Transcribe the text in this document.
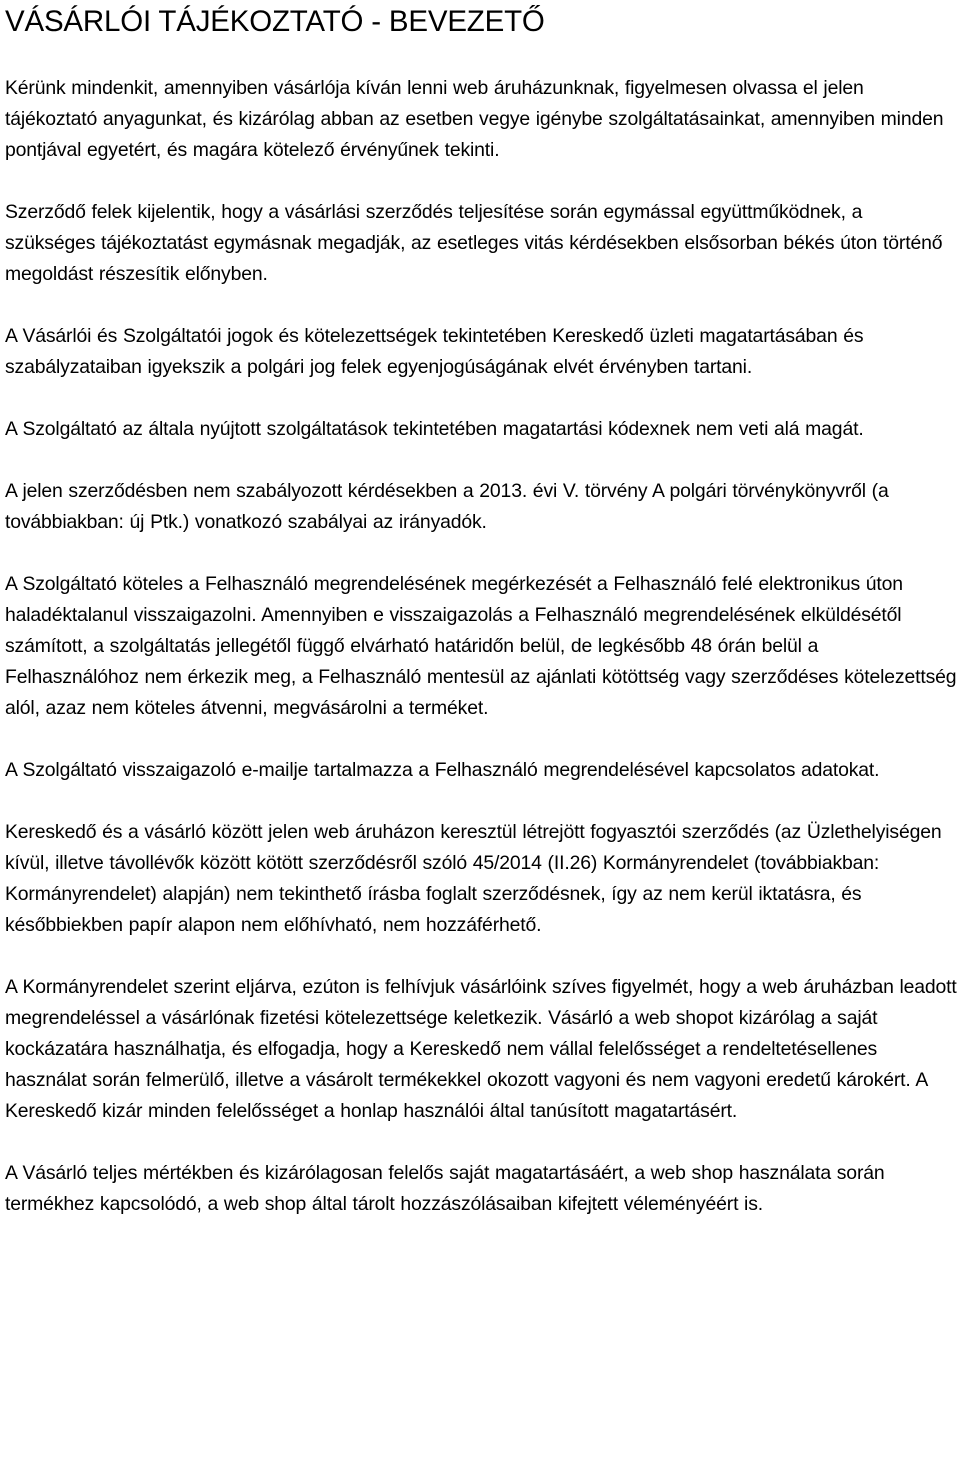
VÁSÁRLÓI TÁJÉKOZTATÓ - BEVEZETŐ

Kérünk mindenkit, amennyiben vásárlója kíván lenni web áruházunknak, figyelmesen olvassa el jelen tájékoztató anyagunkat, és kizárólag abban az esetben vegye igénybe szolgáltatásainkat, amennyiben minden pontjával egyetért, és magára kötelező érvényűnek tekinti.

Szerződő felek kijelentik, hogy a vásárlási szerződés teljesítése során egymással együttműködnek, a szükséges tájékoztatást egymásnak megadják, az esetleges vitás kérdésekben elsősorban békés úton történő megoldást részesítik előnyben.

A Vásárlói és Szolgáltatói jogok és kötelezettségek tekintetében Kereskedő üzleti magatartásában és szabályzataiban igyekszik a polgári jog felek egyenjogúságának elvét érvényben tartani.

A Szolgáltató az általa nyújtott szolgáltatások tekintetében magatartási kódexnek nem veti alá magát.

A jelen szerződésben nem szabályozott kérdésekben a 2013. évi V. törvény A polgári törvénykönyvről (a továbbiakban: új Ptk.) vonatkozó szabályai az irányadók.

A Szolgáltató köteles a Felhasználó megrendelésének megérkezését a Felhasználó felé elektronikus úton haladéktalanul visszaigazolni. Amennyiben e visszaigazolás a Felhasználó megrendelésének elküldésétől számított, a szolgáltatás jellegétől függő elvárható határidőn belül, de legkésőbb 48 órán belül a Felhasználóhoz nem érkezik meg, a Felhasználó mentesül az ajánlati kötöttség vagy szerződéses kötelezettség alól, azaz nem köteles átvenni, megvásárolni a terméket.

A Szolgáltató visszaigazoló e-mailje tartalmazza a Felhasználó megrendelésével kapcsolatos adatokat.

Kereskedő és a vásárló között jelen web áruházon keresztül létrejött fogyasztói szerződés (az Üzlethelyiségen kívül, illetve távollévők között kötött szerződésről szóló 45/2014 (II.26) Kormányrendelet (továbbiakban: Kormányrendelet) alapján) nem tekinthető írásba foglalt szerződésnek, így az nem kerül iktatásra, és későbbiekben papír alapon nem előhívható, nem hozzáférhető.

A Kormányrendelet szerint eljárva, ezúton is felhívjuk vásárlóink szíves figyelmét, hogy a web áruházban leadott megrendeléssel a vásárlónak fizetési kötelezettsége keletkezik. Vásárló a web shopot kizárólag a saját kockázatára használhatja, és elfogadja, hogy a Kereskedő nem vállal felelősséget a rendeltetésellenes használat során felmerülő, illetve a vásárolt termékekkel okozott vagyoni és nem vagyoni eredetű károkért. A Kereskedő kizár minden felelősséget a honlap használói által tanúsított magatartásért.

A Vásárló teljes mértékben és kizárólagosan felelős saját magatartásáért, a web shop használata során termékhez kapcsolódó, a web shop által tárolt hozzászólásaiban kifejtett véleményéért is.
